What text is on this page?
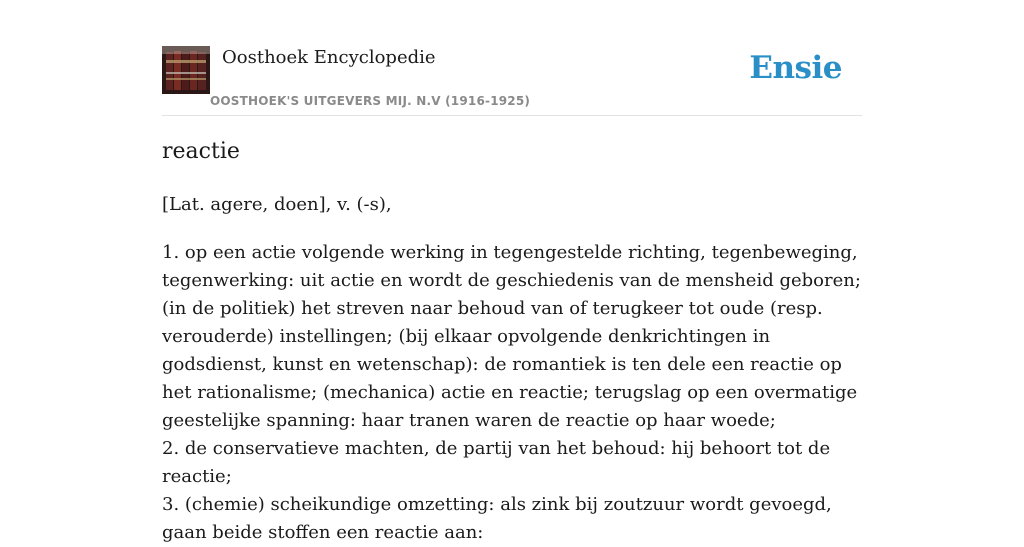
Oosthoek Encyclopedie
OOSTHOEK'S UITGEVERS MIJ. N.V (1916-1925)
Ensie
reactie

[Lat. agere, doen], v. (-s),

1. op een actie volgende werking in tegengestelde richting, tegenbeweging, tegenwerking: uit actie en wordt de geschiedenis van de mensheid geboren; (in de politiek) het streven naar behoud van of terugkeer tot oude (resp. verouderde) instellingen; (bij elkaar opvolgende denkrichtingen in godsdienst, kunst en wetenschap): de romantiek is ten dele een reactie op het rationalisme; (mechanica) actie en reactie; terugslag op een overmatige geestelijke spanning: haar tranen waren de reactie op haar woede;
2. de conservatieve machten, de partij van het behoud: hij behoort tot de reactie;
3. (chemie) scheikundige omzetting: als zink bij zoutzuur wordt gevoegd, gaan beide stoffen een reactie aan:
